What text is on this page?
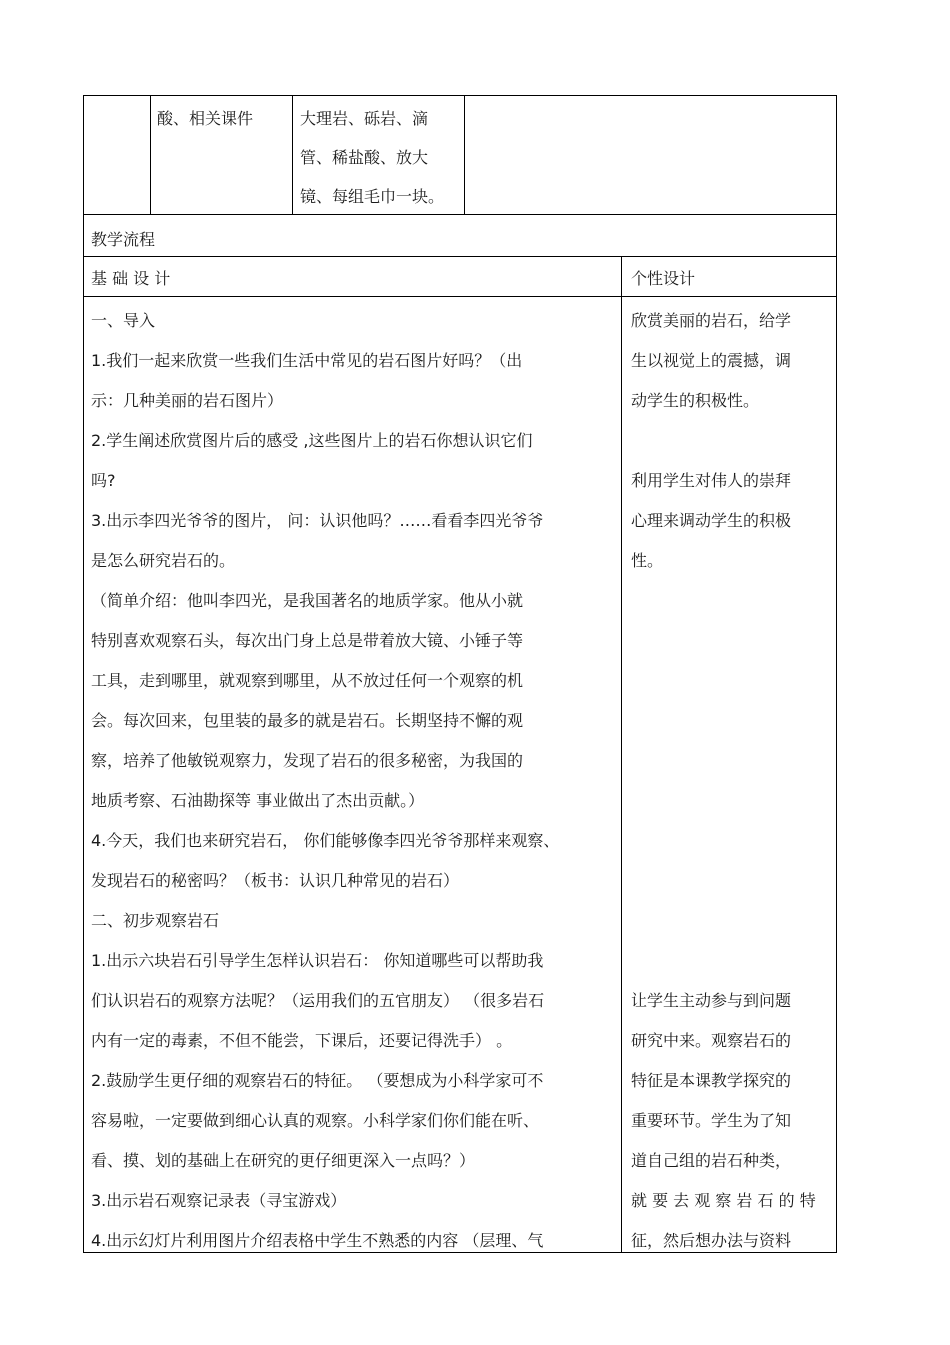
酸、相关课件	大理岩、砾岩、滴
管、稀盐酸、放大
镜、每组毛巾一块。
教学流程
基 础 设 计	个性设计
一、导入
1.我们一起来欣赏一些我们生活中常见的岩石图片好吗？（出
示：几种美丽的岩石图片）
2.学生阐述欣赏图片后的感受 ,这些图片上的岩石你想认识它们
吗?
3.出示李四光爷爷的图片， 问：认识他吗？……看看李四光爷爷
是怎么研究岩石的。
（简单介绍：他叫李四光，是我国著名的地质学家。他从小就
特别喜欢观察石头，每次出门身上总是带着放大镜、小锤子等
工具，走到哪里，就观察到哪里，从不放过任何一个观察的机
会。每次回来，包里装的最多的就是岩石。长期坚持不懈的观
察，培养了他敏锐观察力，发现了岩石的很多秘密，为我国的
地质考察、石油勘探等 事业做出了杰出贡献。）
4.今天，我们也来研究岩石， 你们能够像李四光爷爷那样来观察、
发现岩石的秘密吗？（板书：认识几种常见的岩石）
二、初步观察岩石
1.出示六块岩石引导学生怎样认识岩石： 你知道哪些可以帮助我
们认识岩石的观察方法呢？（运用我们的五官朋友） （很多岩石
内有一定的毒素，不但不能尝，下课后，还要记得洗手） 。
2.鼓励学生更仔细的观察岩石的特征。 （要想成为小科学家可不
容易啦，一定要做到细心认真的观察。小科学家们你们能在听、
看、摸、划的基础上在研究的更仔细更深入一点吗？）
3.出示岩石观察记录表（寻宝游戏）
4.出示幻灯片利用图片介绍表格中学生不熟悉的内容 （层理、气
欣赏美丽的岩石，给学
生以视觉上的震撼，调
动学生的积极性。

利用学生对伟人的崇拜
心理来调动学生的积极
性。

让学生主动参与到问题
研究中来。观察岩石的
特征是本课教学探究的
重要环节。学生为了知
道自己组的岩石种类，
就 要 去 观 察 岩 石 的 特
征，然后想办法与资料
